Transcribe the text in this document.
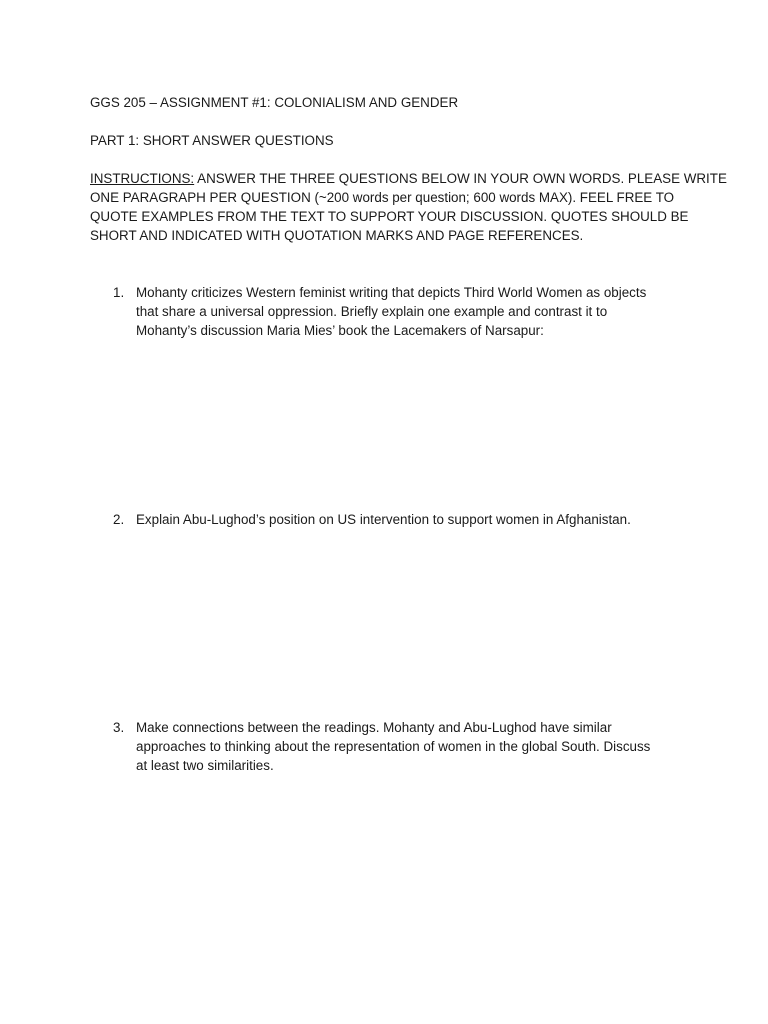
GGS 205 – ASSIGNMENT #1: COLONIALISM AND GENDER
PART 1: SHORT ANSWER QUESTIONS
INSTRUCTIONS: ANSWER THE THREE QUESTIONS BELOW IN YOUR OWN WORDS. PLEASE WRITE
ONE PARAGRAPH PER QUESTION (~200 words per question; 600 words MAX). FEEL FREE TO
QUOTE EXAMPLES FROM THE TEXT TO SUPPORT YOUR DISCUSSION. QUOTES SHOULD BE
SHORT AND INDICATED WITH QUOTATION MARKS AND PAGE REFERENCES.
1. Mohanty criticizes Western feminist writing that depicts Third World Women as objects
that share a universal oppression. Briefly explain one example and contrast it to
Mohanty’s discussion Maria Mies’ book the Lacemakers of Narsapur:
2. Explain Abu-Lughod’s position on US intervention to support women in Afghanistan.
3. Make connections between the readings. Mohanty and Abu-Lughod have similar
approaches to thinking about the representation of women in the global South. Discuss
at least two similarities.
